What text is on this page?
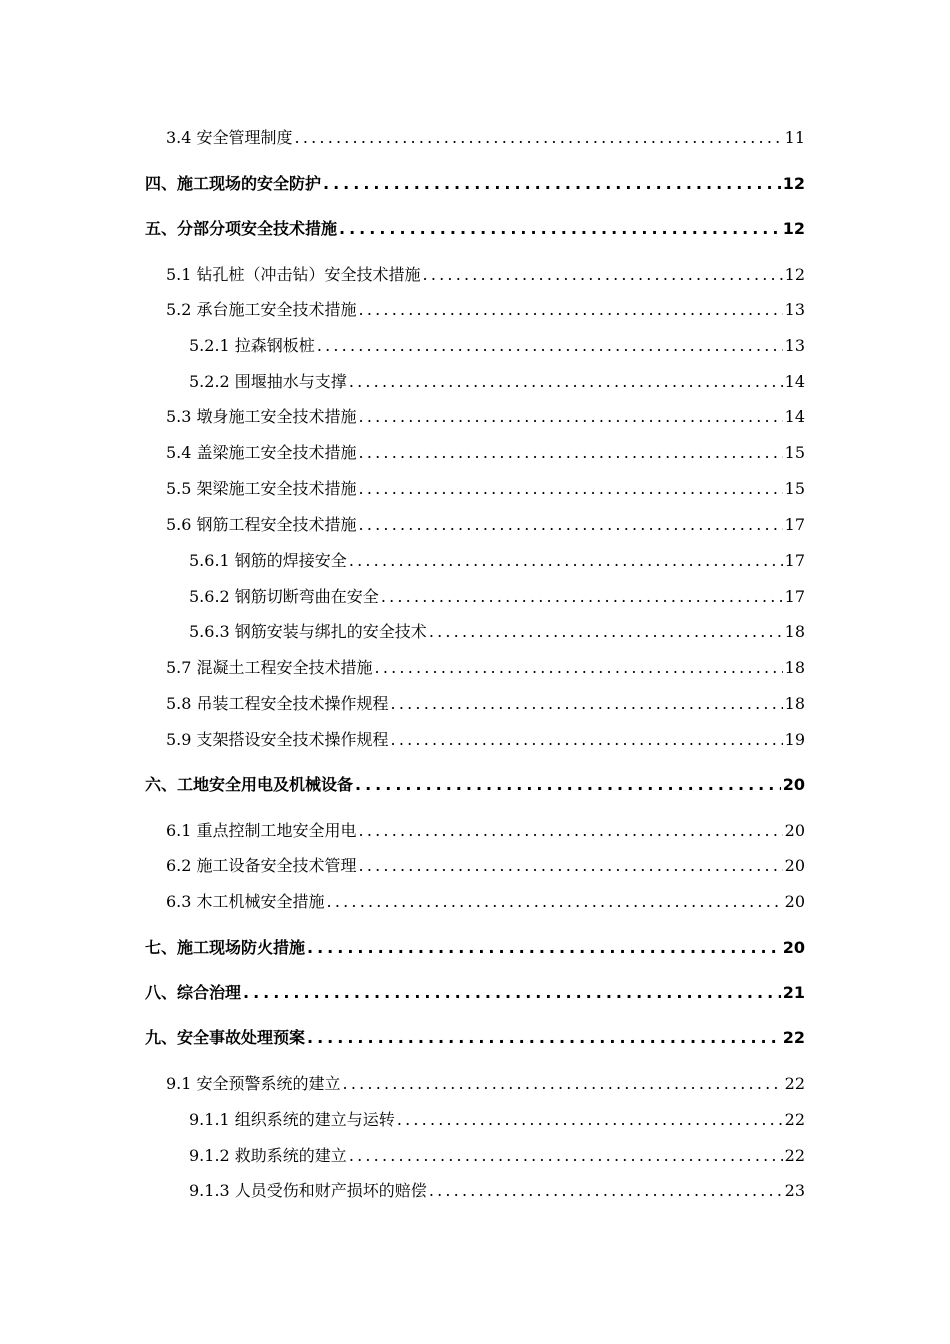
3.4 安全管理制度 .....	11
四、施工现场的安全防护 .....	12
五、分部分项安全技术措施 .....	12
5.1 钻孔桩（冲击钻）安全技术措施 .....	12
5.2 承台施工安全技术措施 .....	13
5.2.1 拉森钢板桩 .....	13
5.2.2 围堰抽水与支撑 .....	14
5.3 墩身施工安全技术措施 .....	14
5.4 盖梁施工安全技术措施 .....	15
5.5 架梁施工安全技术措施 .....	15
5.6 钢筋工程安全技术措施 .....	17
5.6.1 钢筋的焊接安全 .....	17
5.6.2 钢筋切断弯曲在安全 .....	17
5.6.3 钢筋安装与绑扎的安全技术 .....	18
5.7 混凝土工程安全技术措施 .....	18
5.8 吊装工程安全技术操作规程 .....	18
5.9 支架搭设安全技术操作规程 .....	19
六、工地安全用电及机械设备 .....	20
6.1 重点控制工地安全用电 .....	20
6.2 施工设备安全技术管理 .....	20
6.3 木工机械安全措施 .....	20
七、施工现场防火措施 .....	20
八、综合治理 .....	21
九、安全事故处理预案 .....	22
9.1 安全预警系统的建立 .....	22
9.1.1 组织系统的建立与运转 .....	22
9.1.2 救助系统的建立 .....	22
9.1.3 人员受伤和财产损坏的赔偿 .....	23
